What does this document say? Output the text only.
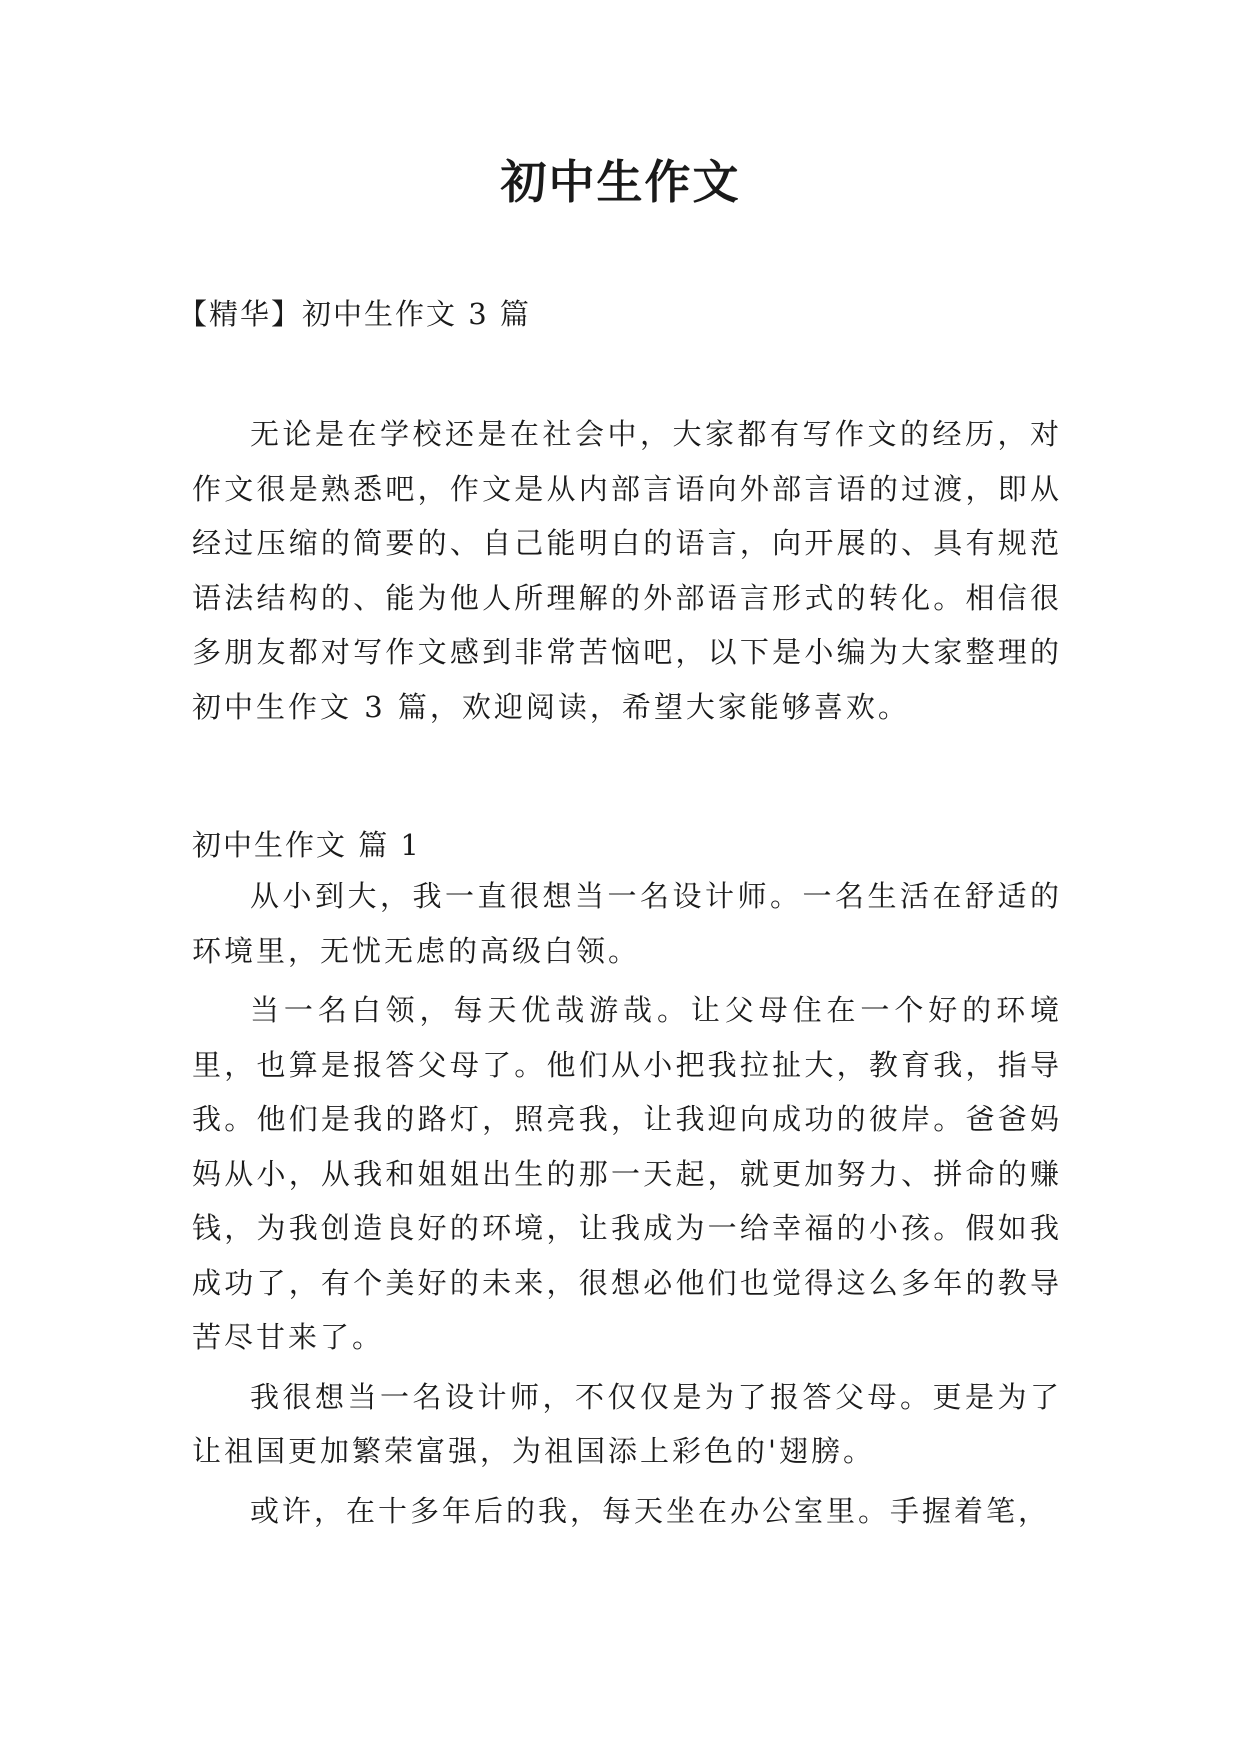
初中生作文
【精华】初中生作文 3 篇

无论是在学校还是在社会中，大家都有写作文的经历，对作文很是熟悉吧，作文是从内部言语向外部言语的过渡，即从经过压缩的简要的、自己能明白的语言，向开展的、具有规范语法结构的、能为他人所理解的外部语言形式的转化。相信很多朋友都对写作文感到非常苦恼吧，以下是小编为大家整理的初中生作文 3 篇，欢迎阅读，希望大家能够喜欢。

初中生作文 篇 1

从小到大，我一直很想当一名设计师。一名生活在舒适的环境里，无忧无虑的高级白领。

当一名白领，每天优哉游哉。让父母住在一个好的环境里，也算是报答父母了。他们从小把我拉扯大，教育我，指导我。他们是我的路灯，照亮我，让我迎向成功的彼岸。爸爸妈妈从小，从我和姐姐出生的那一天起，就更加努力、拼命的赚钱，为我创造良好的环境，让我成为一给幸福的小孩。假如我成功了，有个美好的未来，很想必他们也觉得这么多年的教导苦尽甘来了。

我很想当一名设计师，不仅仅是为了报答父母。更是为了让祖国更加繁荣富强，为祖国添上彩色的'翅膀。

或许，在十多年后的我，每天坐在办公室里。手握着笔，
